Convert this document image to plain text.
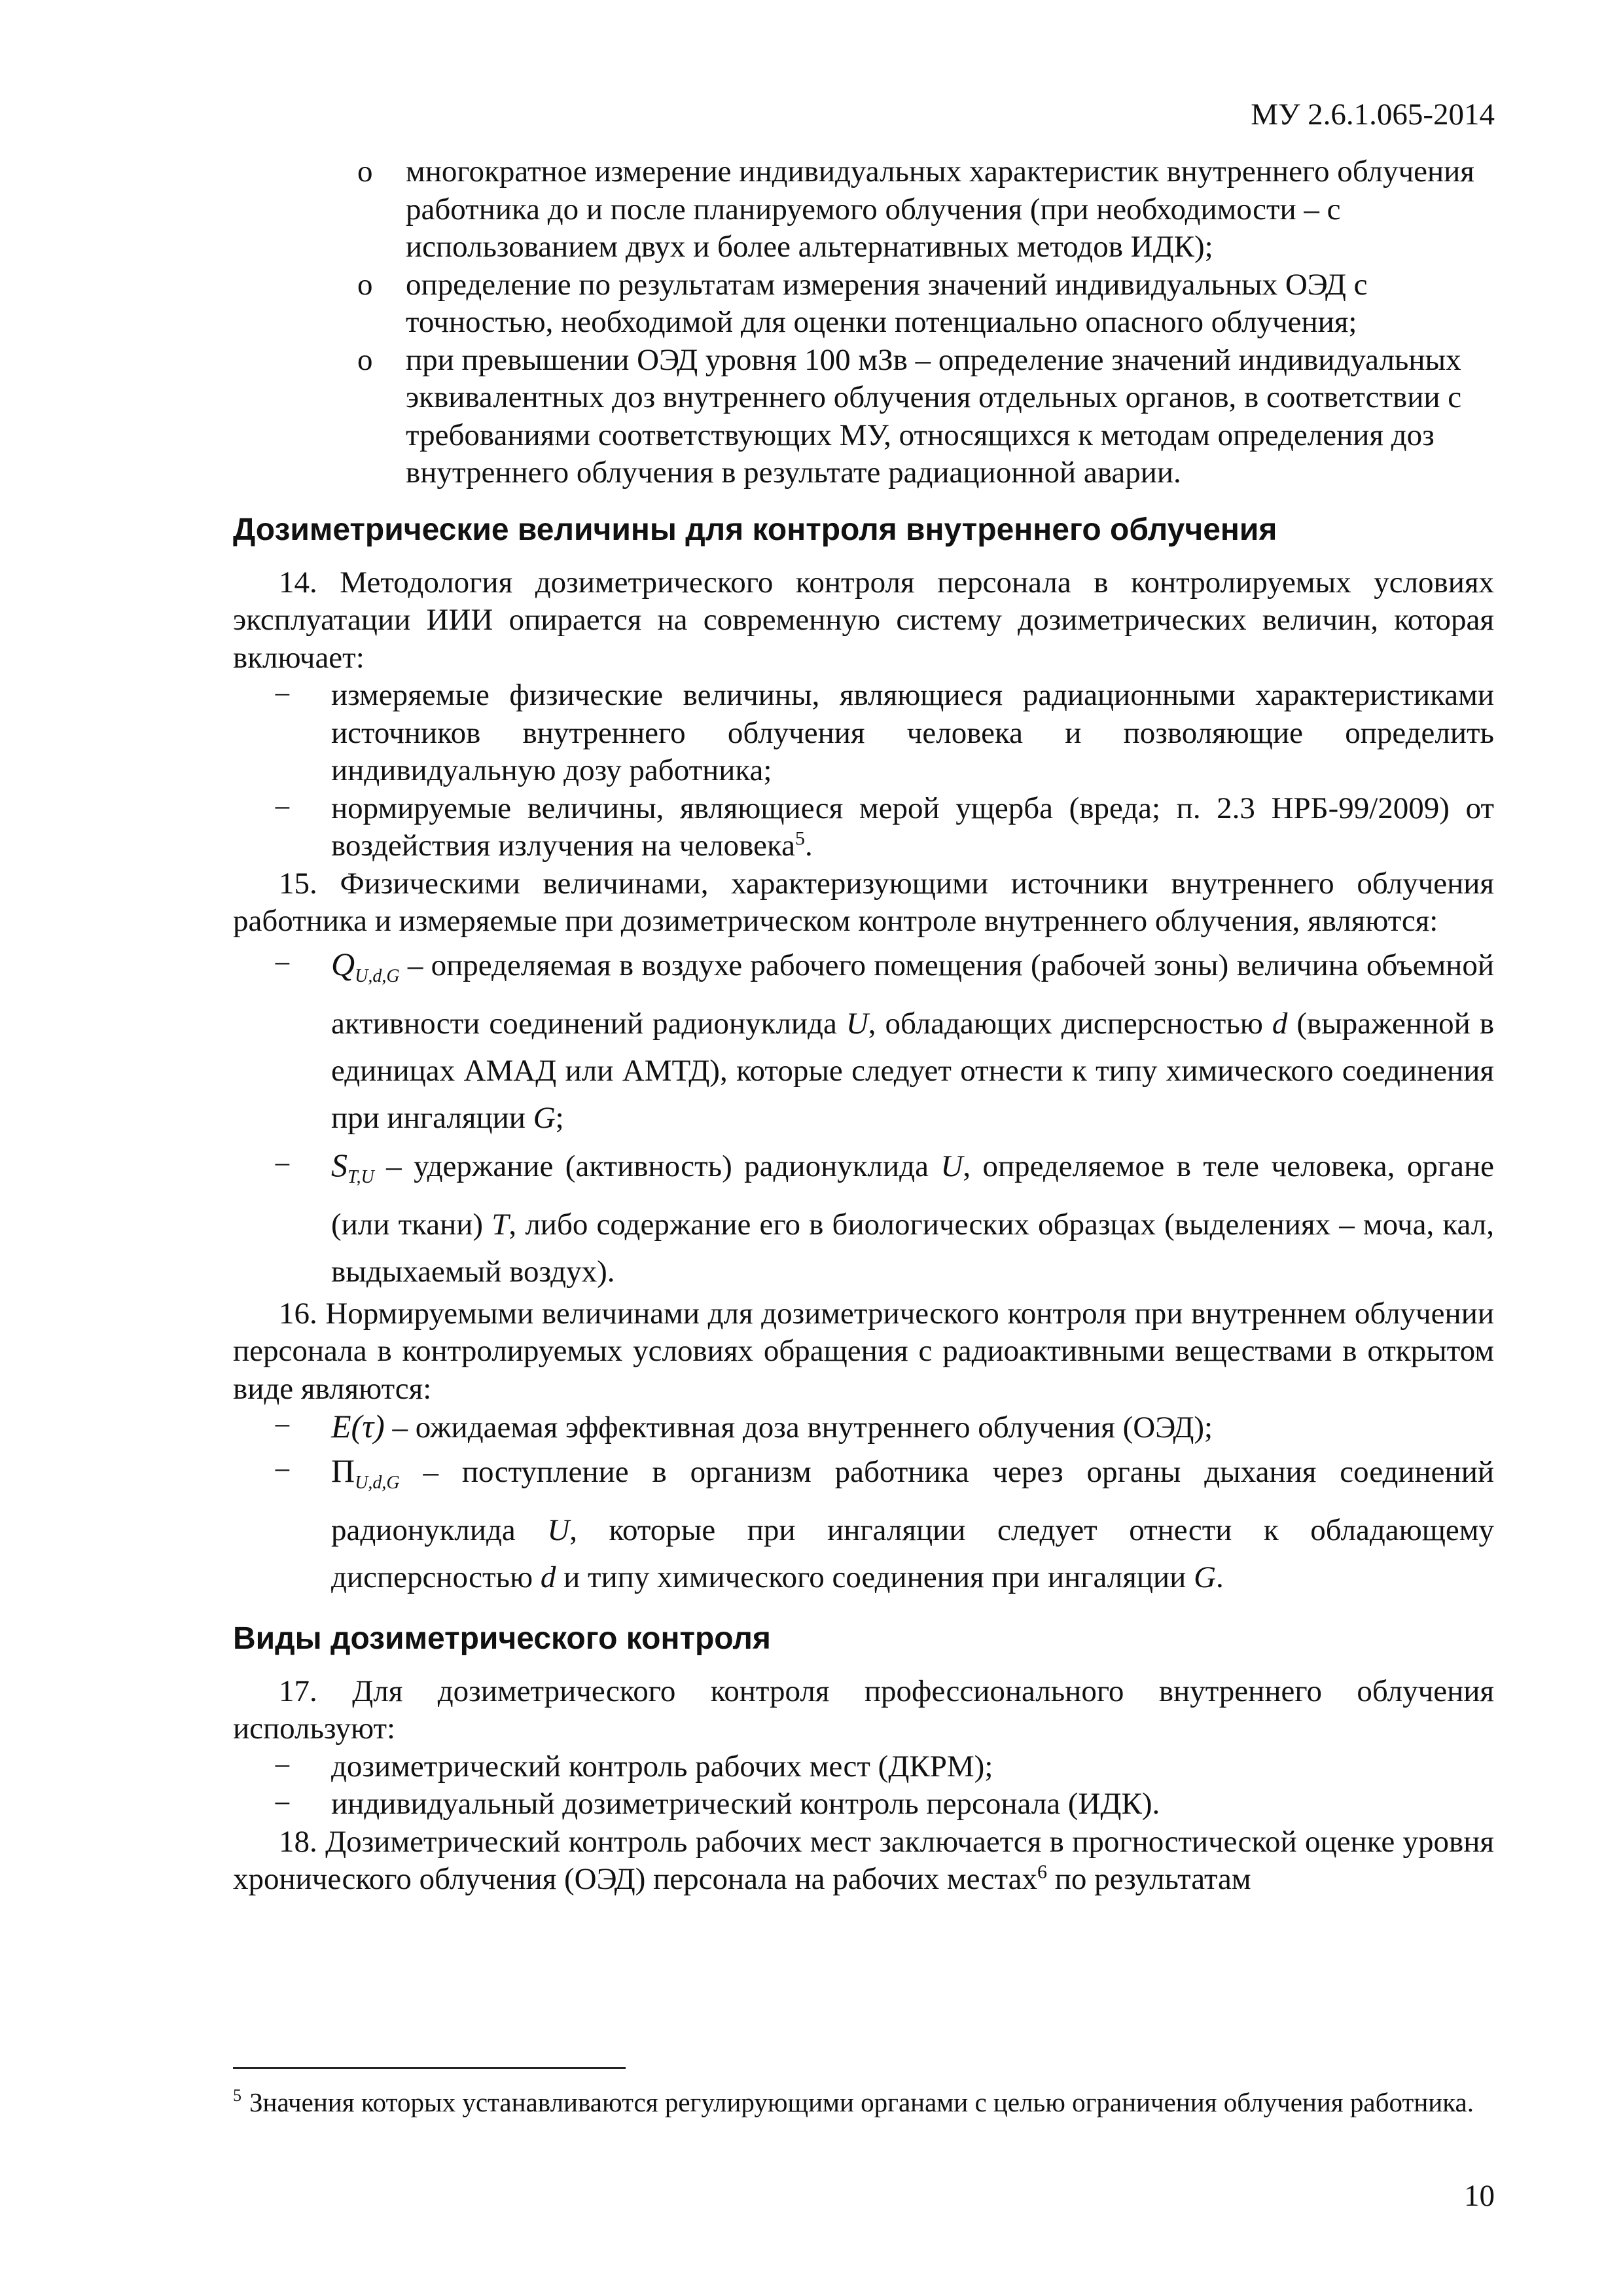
МУ 2.6.1.065-2014
o многократное измерение индивидуальных характеристик внутреннего облучения работника до и после планируемого облучения (при необходимости – с использованием двух и более альтернативных методов ИДК);
o определение по результатам измерения значений индивидуальных ОЭД с точностью, необходимой для оценки потенциально опасного облучения;
o при превышении ОЭД уровня 100 мЗв – определение значений индивидуальных эквивалентных доз внутреннего облучения отдельных органов, в соответствии с требованиями соответствующих МУ, относящихся к методам определения доз внутреннего облучения в результате радиационной аварии.
Дозиметрические величины для контроля внутреннего облучения

14. Методология дозиметрического контроля персонала в контролируемых условиях эксплуатации ИИИ опирается на современную систему дозиметрических величин, которая включает:

− измеряемые физические величины, являющиеся радиационными характеристиками источников внутреннего облучения человека и позволяющие определить индивидуальную дозу работника;
− нормируемые величины, являющиеся мерой ущерба (вреда; п. 2.3 НРБ-99/2009) от воздействия излучения на человека$^5$.

15. Физическими величинами, характеризующими источники внутреннего облучения работника и измеряемые при дозиметрическом контроле внутреннего облучения, являются:

− $Q_{U,d,G}$ – определяемая в воздухе рабочего помещения (рабочей зоны) величина объемной активности соединений радионуклида U, обладающих дисперсностью d (выраженной в единицах АМАД или АМТД), которые следует отнести к типу химического соединения при ингаляции G;
− $S_{T,U}$ – удержание (активность) радионуклида U, определяемое в теле человека, органе (или ткани) T, либо содержание его в биологических образцах (выделениях – моча, кал, выдыхаемый воздух).

16. Нормируемыми величинами для дозиметрического контроля при внутреннем облучении персонала в контролируемых условиях обращения с радиоактивными веществами в открытом виде являются:

− E(τ) – ожидаемая эффективная доза внутреннего облучения (ОЭД);
− $П_{U,d,G}$ – поступление в организм работника через органы дыхания соединений радионуклида U, которые при ингаляции следует отнести к обладающему дисперсностью d и типу химического соединения при ингаляции G.
Виды дозиметрического контроля

17. Для дозиметрического контроля профессионального внутреннего облучения используют:

− дозиметрический контроль рабочих мест (ДКРМ);
− индивидуальный дозиметрический контроль персонала (ИДК).

18. Дозиметрический контроль рабочих мест заключается в прогностической оценке уровня хронического облучения (ОЭД) персонала на рабочих местах$^6$ по результатам

$^5$ Значения которых устанавливаются регулирующими органами с целью ограничения облучения работника.
10
